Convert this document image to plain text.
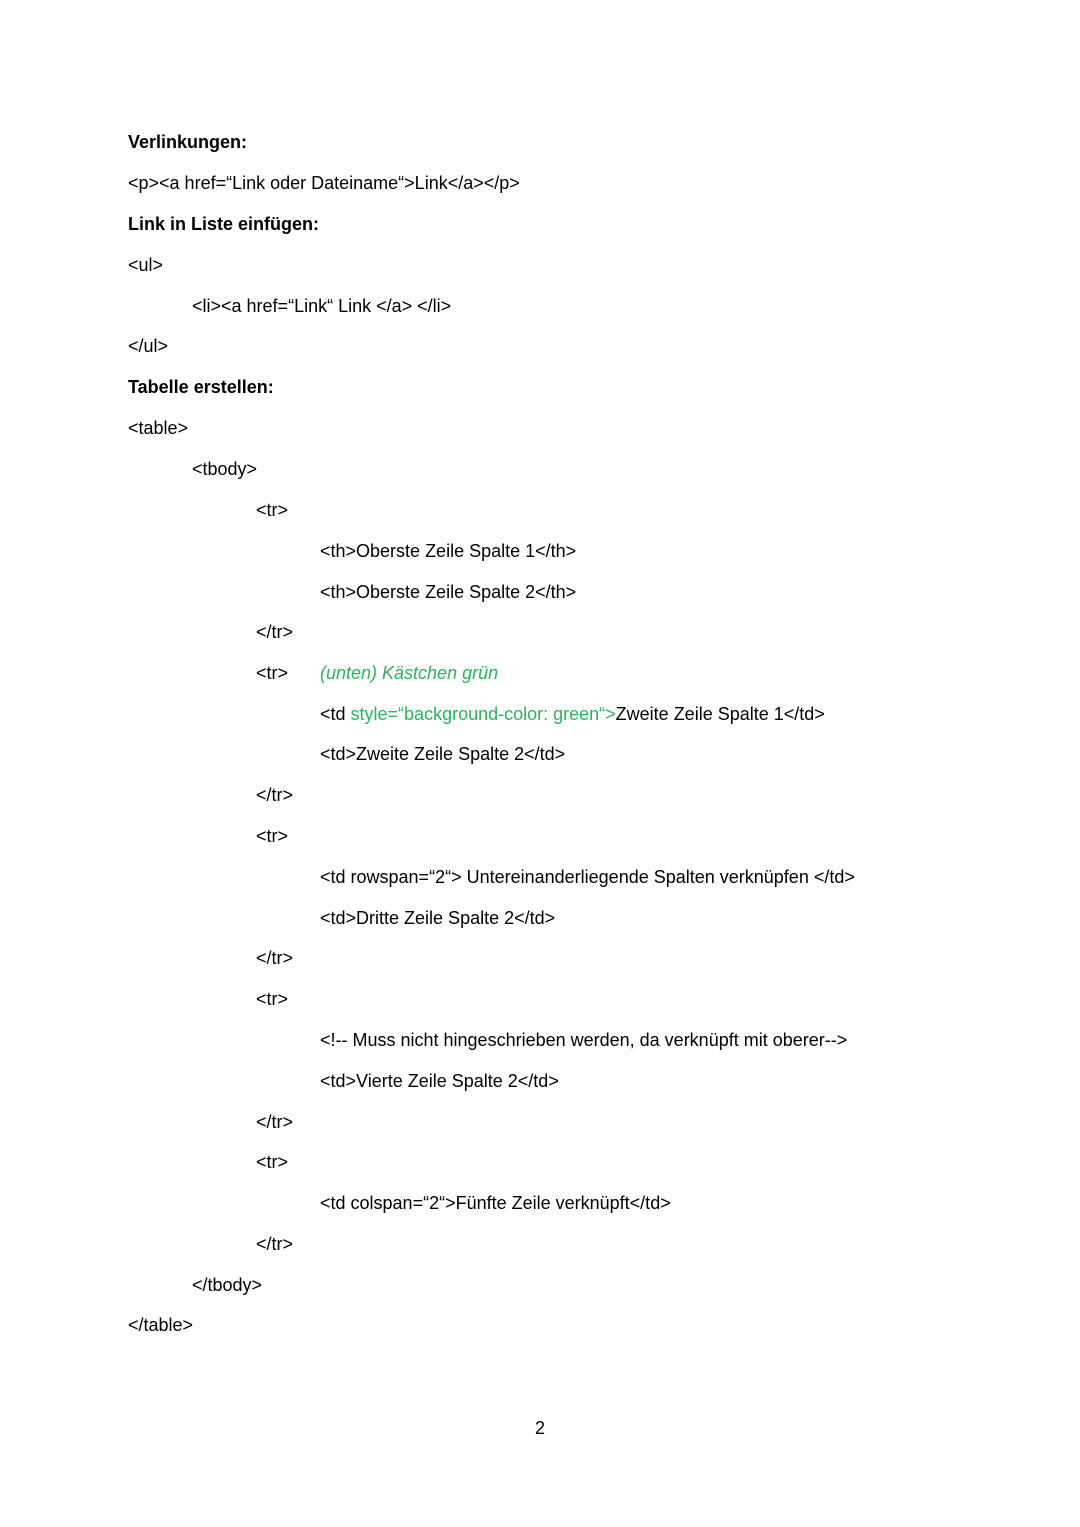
Verlinkungen:
<p><a href=“Link oder Dateiname“>Link</a></p>
Link in Liste einfügen:
<ul>
<li><a href=“Link“ Link </a> </li>
</ul>
Tabelle erstellen:
<table>
<tbody>
<tr>
<th>Oberste Zeile Spalte 1</th>
<th>Oberste Zeile Spalte 2</th>
</tr>
<tr> (unten) Kästchen grün
<td style=“background-color: green“>Zweite Zeile Spalte 1</td>
<td>Zweite Zeile Spalte 2</td>
</tr>
<tr>
<td rowspan=“2“> Untereinanderliegende Spalten verknüpfen </td>
<td>Dritte Zeile Spalte 2</td>
</tr>
<tr>
<!-- Muss nicht hingeschrieben werden, da verknüpft mit oberer-->
<td>Vierte Zeile Spalte 2</td>
</tr>
<tr>
<td colspan=“2“>Fünfte Zeile verknüpft</td>
</tr>
</tbody>
</table>
2
